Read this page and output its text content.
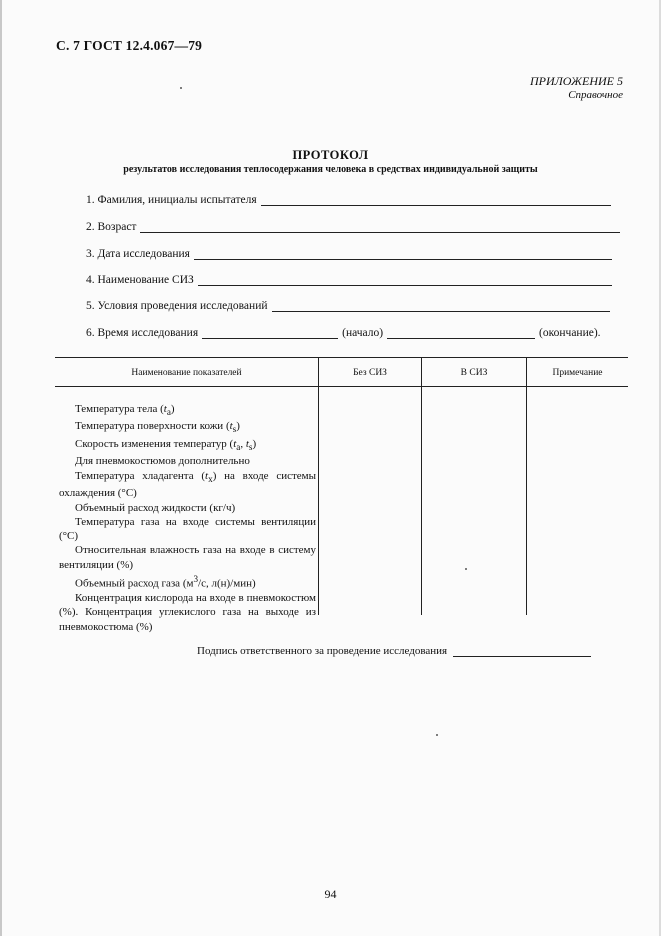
С. 7 ГОСТ 12.4.067—79
ПРИЛОЖЕНИЕ 5
Справочное
ПРОТОКОЛ
результатов исследования теплосодержания человека в средствах индивидуальной защиты
1. Фамилия, инициалы испытателя
2. Возраст
3. Дата исследования
4. Наименование СИЗ
5. Условия проведения исследований
6. Время исследования	(начало)	(окончание).
Наименование показателей	Без СИЗ	В СИЗ	Примечание
Температура тела $(t_a)$
Температура поверхности кожи $(t_s)$
Скорость изменения температур ($t_a$, $t_s$)
Для пневмокостюмов дополнительно
Температура хладагента $(t_x)$ на входе системы охлаждения (°С)
Объемный расход жидкости (кг/ч)
Температура газа на входе системы вентиляции (°С)
Относительная влажность газа на входе в систему вентиляции (%)
Объемный расход газа ($м^3/с$, л(н)/мин)
Концентрация кислорода на входе в пневмокостюм (%). Концентрация углекислого газа на выходе из пневмокостюма (%)
Подпись ответственного за проведение исследования
94
